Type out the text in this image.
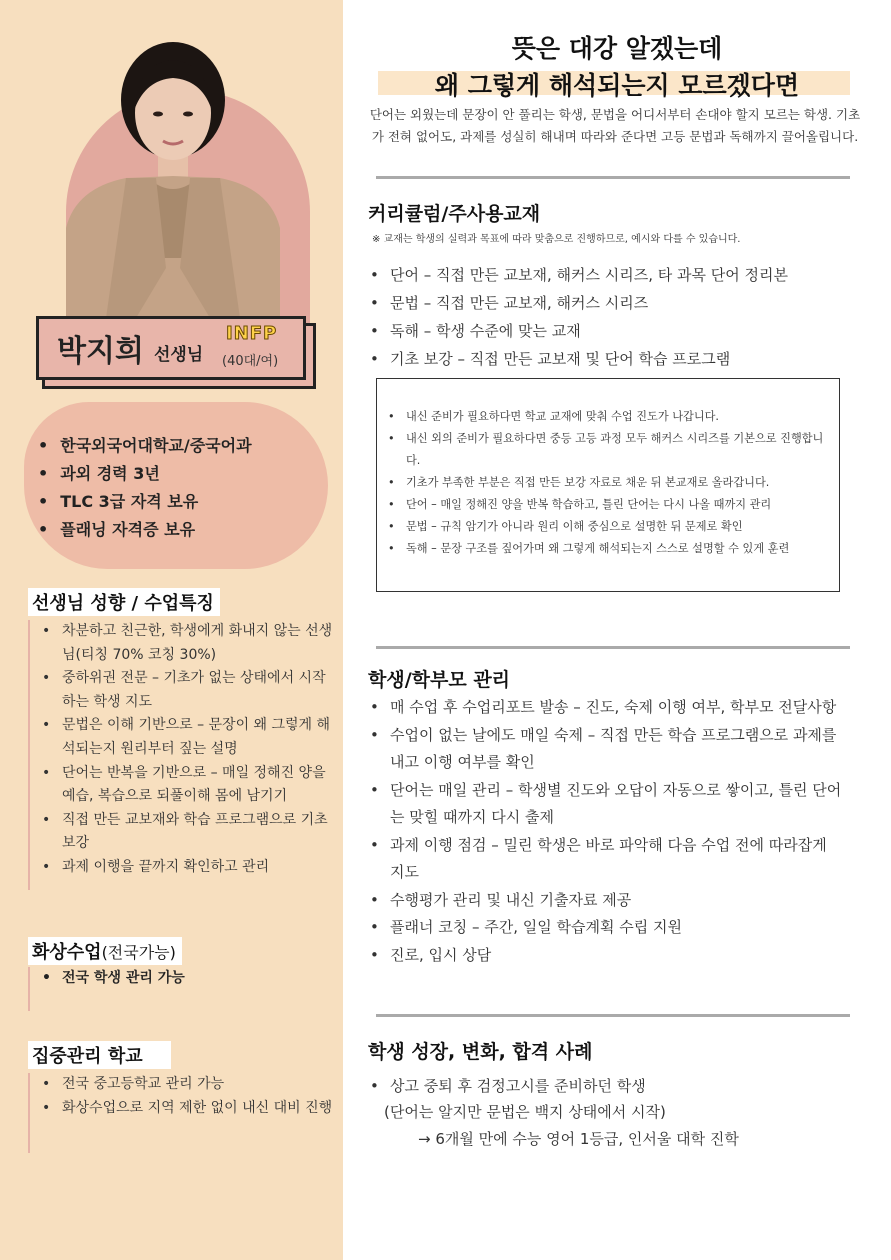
박지희 선생님
INFP
(40대/여)
• 한국외국어대학교/중국어과
• 과외 경력 3년
• TLC 3급 자격 보유
• 플래닝 자격증 보유
선생님 성향 / 수업특징
• 차분하고 친근한, 학생에게 화내지 않는 선생님(티칭 70% 코칭 30%)
• 중하위권 전문 – 기초가 없는 상태에서 시작하는 학생 지도
• 문법은 이해 기반으로 – 문장이 왜 그렇게 해석되는지 원리부터 짚는 설명
• 단어는 반복을 기반으로 – 매일 정해진 양을 예습, 복습으로 되풀이해 몸에 남기기
• 직접 만든 교보재와 학습 프로그램으로 기초 보강
• 과제 이행을 끝까지 확인하고 관리
화상수업(전국가능)
• 전국 학생 관리 가능
집중관리 학교
• 전국 중고등학교 관리 가능
• 화상수업으로 지역 제한 없이 내신 대비 진행
뜻은 대강 알겠는데
왜 그렇게 해석되는지 모르겠다면
단어는 외웠는데 문장이 안 풀리는 학생, 문법을 어디서부터 손대야 할지 모르는 학생. 기초가 전혀 없어도, 과제를 성실히 해내며 따라와 준다면 고등 문법과 독해까지 끌어올립니다.
커리큘럼/주사용교재
※ 교재는 학생의 실력과 목표에 따라 맞춤으로 진행하므로, 예시와 다를 수 있습니다.
• 단어 – 직접 만든 교보재, 해커스 시리즈, 타 과목 단어 정리본
• 문법 – 직접 만든 교보재, 해커스 시리즈
• 독해 – 학생 수준에 맞는 교재
• 기초 보강 – 직접 만든 교보재 및 단어 학습 프로그램
• 내신 준비가 필요하다면 학교 교재에 맞춰 수업 진도가 나갑니다.
• 내신 외의 준비가 필요하다면 중등 고등 과정 모두 해커스 시리즈를 기본으로 진행합니다.
• 기초가 부족한 부분은 직접 만든 보강 자료로 채운 뒤 본교재로 올라갑니다.
• 단어 – 매일 정해진 양을 반복 학습하고, 틀린 단어는 다시 나올 때까지 관리
• 문법 – 규칙 암기가 아니라 원리 이해 중심으로 설명한 뒤 문제로 확인
• 독해 – 문장 구조를 짚어가며 왜 그렇게 해석되는지 스스로 설명할 수 있게 훈련
학생/학부모 관리
• 매 수업 후 수업리포트 발송 – 진도, 숙제 이행 여부, 학부모 전달사항
• 수업이 없는 날에도 매일 숙제 – 직접 만든 학습 프로그램으로 과제를 내고 이행 여부를 확인
• 단어는 매일 관리 – 학생별 진도와 오답이 자동으로 쌓이고, 틀린 단어는 맞힐 때까지 다시 출제
• 과제 이행 점검 – 밀린 학생은 바로 파악해 다음 수업 전에 따라잡게 지도
• 수행평가 관리 및 내신 기출자료 제공
• 플래너 코칭 – 주간, 일일 학습계획 수립 지원
• 진로, 입시 상담
학생 성장, 변화, 합격 사례
• 상고 중퇴 후 검정고시를 준비하던 학생
(단어는 알지만 문법은 백지 상태에서 시작)
→ 6개월 만에 수능 영어 1등급, 인서울 대학 진학
